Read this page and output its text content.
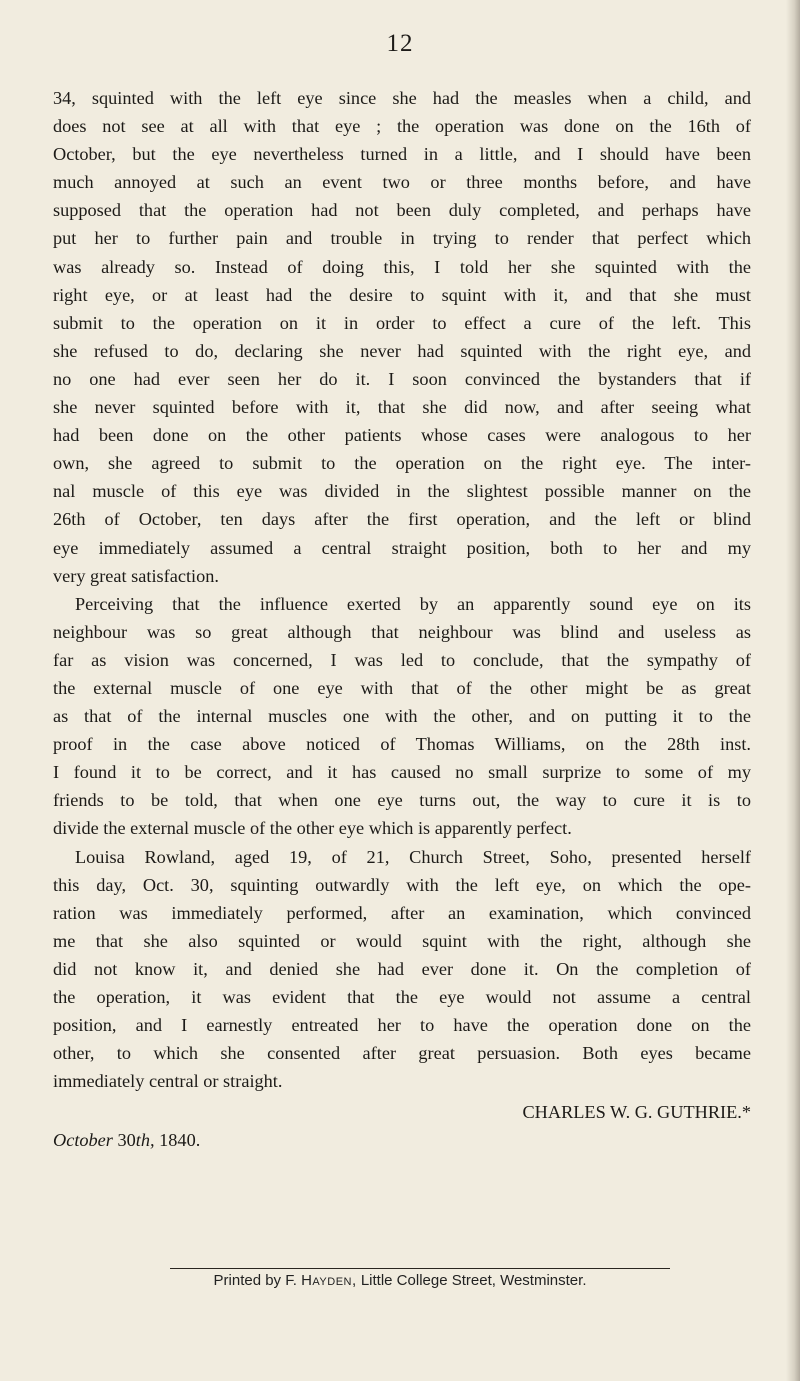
12
34, squinted with the left eye since she had the measles when a child, and
does not see at all with that eye ; the operation was done on the 16th of
October, but the eye nevertheless turned in a little, and I should have been
much annoyed at such an event two or three months before, and have
supposed that the operation had not been duly completed, and perhaps have
put her to further pain and trouble in trying to render that perfect which
was already so. Instead of doing this, I told her she squinted with the
right eye, or at least had the desire to squint with it, and that she must
submit to the operation on it in order to effect a cure of the left. This
she refused to do, declaring she never had squinted with the right eye, and
no one had ever seen her do it. I soon convinced the bystanders that if
she never squinted before with it, that she did now, and after seeing what
had been done on the other patients whose cases were analogous to her
own, she agreed to submit to the operation on the right eye. The inter-
nal muscle of this eye was divided in the slightest possible manner on the
26th of October, ten days after the first operation, and the left or blind
eye immediately assumed a central straight position, both to her and my
very great satisfaction.
Perceiving that the influence exerted by an apparently sound eye on its
neighbour was so great although that neighbour was blind and useless as
far as vision was concerned, I was led to conclude, that the sympathy of
the external muscle of one eye with that of the other might be as great
as that of the internal muscles one with the other, and on putting it to the
proof in the case above noticed of Thomas Williams, on the 28th inst.
I found it to be correct, and it has caused no small surprize to some of my
friends to be told, that when one eye turns out, the way to cure it is to
divide the external muscle of the other eye which is apparently perfect.
Louisa Rowland, aged 19, of 21, Church Street, Soho, presented herself
this day, Oct. 30, squinting outwardly with the left eye, on which the ope-
ration was immediately performed, after an examination, which convinced
me that she also squinted or would squint with the right, although she
did not know it, and denied she had ever done it. On the completion of
the operation, it was evident that the eye would not assume a central
position, and I earnestly entreated her to have the operation done on the
other, to which she consented after great persuasion. Both eyes became
immediately central or straight.
CHARLES W. G. GUTHRIE.*
October 30th, 1840.
Printed by F. Hayden, Little College Street, Westminster.
